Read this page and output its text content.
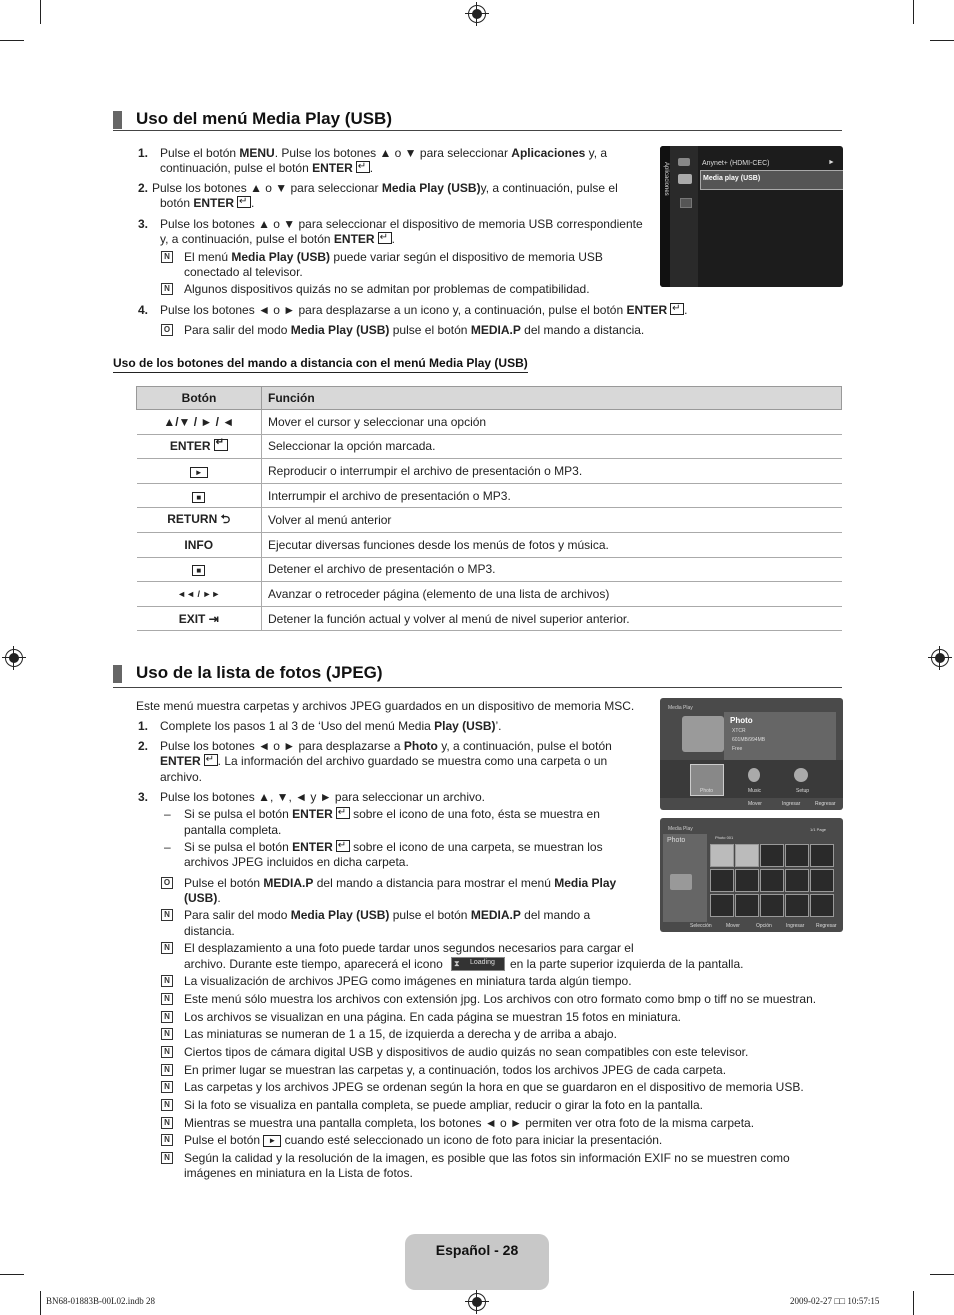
Uso del menú Media Play (USB)
1. Pulse el botón MENU. Pulse los botones ▲ o ▼ para seleccionar Aplicaciones y, a
continuación, pulse el botón ENTER ↵ .
2. Pulse los botones ▲ o ▼ para seleccionar Media Play (USB)y, a continuación, pulse el
botón ENTER ↵ .
3. Pulse los botones ▲ o ▼ para seleccionar el dispositivo de memoria USB correspondiente
y, a continuación, pulse el botón ENTER ↵ .
N El menú Media Play (USB) puede variar según el dispositivo de memoria USB
conectado al televisor.
N Algunos dispositivos quizás no se admitan por problemas de compatibilidad.
4. Pulse los botones ◄ o ► para desplazarse a un icono y, a continuación, pulse el botón ENTER ↵ .
O Para salir del modo Media Play (USB) pulse el botón MEDIA.P del mando a distancia.
Aplicaciones	Anynet+ (HDMI-CEC)	►
Media play (USB)
Uso de los botones del mando a distancia con el menú Media Play (USB)
Botón	Función
▲/▼ / ► / ◄	Mover el cursor y seleccionar una opción
ENTER↵	Seleccionar la opción marcada.
►	Reproducir o interrumpir el archivo de presentación o MP3.
■	Interrumpir el archivo de presentación o MP3.
RETURN ⮌	Volver al menú anterior
INFO	Ejecutar diversas funciones desde los menús de fotos y música.
■	Detener el archivo de presentación o MP3.
◄◄ / ►►	Avanzar o retroceder página (elemento de una lista de archivos)
EXIT ⇥	Detener la función actual y volver al menú de nivel superior anterior.
Uso de la lista de fotos (JPEG)
Este menú muestra carpetas y archivos JPEG guardados en un dispositivo de memoria MSC.
1. Complete los pasos 1 al 3 de ‘Uso del menú Media Play (USB)’.
2. Pulse los botones ◄ o ► para desplazarse a Photo y, a continuación, pulse el botón
ENTER ↵ . La información del archivo guardado se muestra como una carpeta o un
archivo.
3. Pulse los botones ▲, ▼, ◄ y ► para seleccionar un archivo.
– Si se pulsa el botón ENTER↵ sobre el icono de una foto, ésta se muestra en
pantalla completa.
– Si se pulsa el botón ENTER↵ sobre el icono de una carpeta, se muestran los
archivos JPEG incluidos en dicha carpeta.
O Pulse el botón MEDIA.P del mando a distancia para mostrar el menú Media Play
(USB).
N Para salir del modo Media Play (USB) pulse el botón MEDIA.P del mando a
distancia.
N El desplazamiento a una foto puede tardar unos segundos necesarios para cargar el
archivo. Durante este tiempo, aparecerá el icono ⧗ Loading en la parte superior izquierda de la pantalla.
N La visualización de archivos JPEG como imágenes en miniatura tarda algún tiempo.
N Este menú sólo muestra los archivos con extensión jpg. Los archivos con otro formato como bmp o tiff no se muestran.
N Los archivos se visualizan en una página. En cada página se muestran 15 fotos en miniatura.
N Las miniaturas se numeran de 1 a 15, de izquierda a derecha y de arriba a abajo.
N Ciertos tipos de cámara digital USB y dispositivos de audio quizás no sean compatibles con este televisor.
N En primer lugar se muestran las carpetas y, a continuación, todos los archivos JPEG de cada carpeta.
N Las carpetas y los archivos JPEG se ordenan según la hora en que se guardaron en el dispositivo de memoria USB.
N Si la foto se visualiza en pantalla completa, se puede ampliar, reducir o girar la foto en la pantalla.
N Mientras se muestra una pantalla completa, los botones ◄ o ► permiten ver otra foto de la misma carpeta.
N Pulse el botón ► cuando esté seleccionado un icono de foto para iniciar la presentación.
N Según la calidad y la resolución de la imagen, es posible que las fotos sin información EXIF no se muestren como
imágenes en miniatura en la Lista de fotos.
Media Play
Photo
XTCR
601MB/994MB
Free
Photo	Music	Setup
Mover	Ingresar	Regresar
Media Play	1/1 Page
Photo	Photo 001
Selección	Mover	Opción	Ingresar Regresar
Español - 28
BN68-01883B-00L02.indb 28	2009-02-27 □□ 10:57:15
